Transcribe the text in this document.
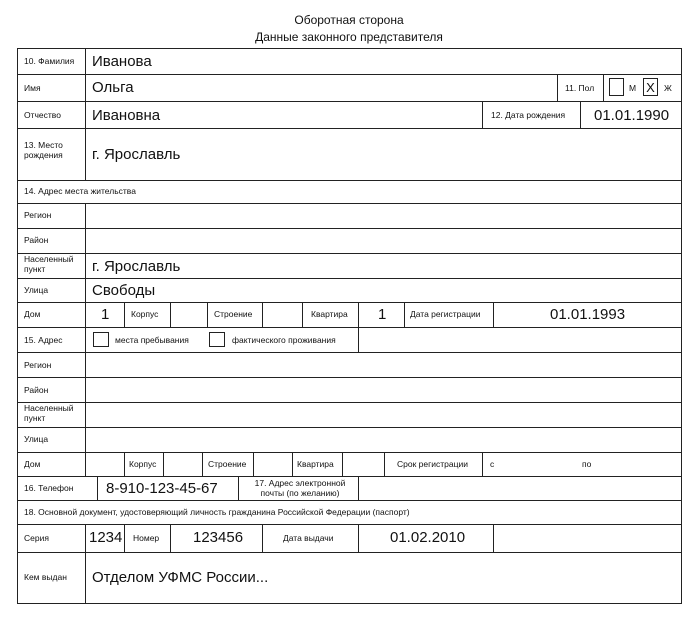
Оборотная сторона
Данные законного представителя
10. Фамилия Иванова
Имя	Ольга	11. Пол	М X Ж
Отчество Ивановна	12. Дата рождения 01.01.1990
13. Место рождения	г. Ярославль
14. Адрес места жительства
Регион
Район
Населенный пункт	г. Ярославль
Улица	Свободы
Дом	1	Корпус	Строение	Квартира 1	Дата регистрации	01.01.1993
15. Адрес	места пребывания	фактического проживания
Регион
Район
Населенный пункт
Улица
Дом	Корпус	Строение	Квартира	Срок регистрации	с	по
16. Телефон 8-910-123-45-67	17. Адрес электронной почты (по желанию)
18. Основной документ, удостоверяющий личность гражданина Российской Федерации (паспорт)
Серия	1234 Номер 123456	Дата выдачи	01.02.2010
Кем выдан Отделом УФМС России...
